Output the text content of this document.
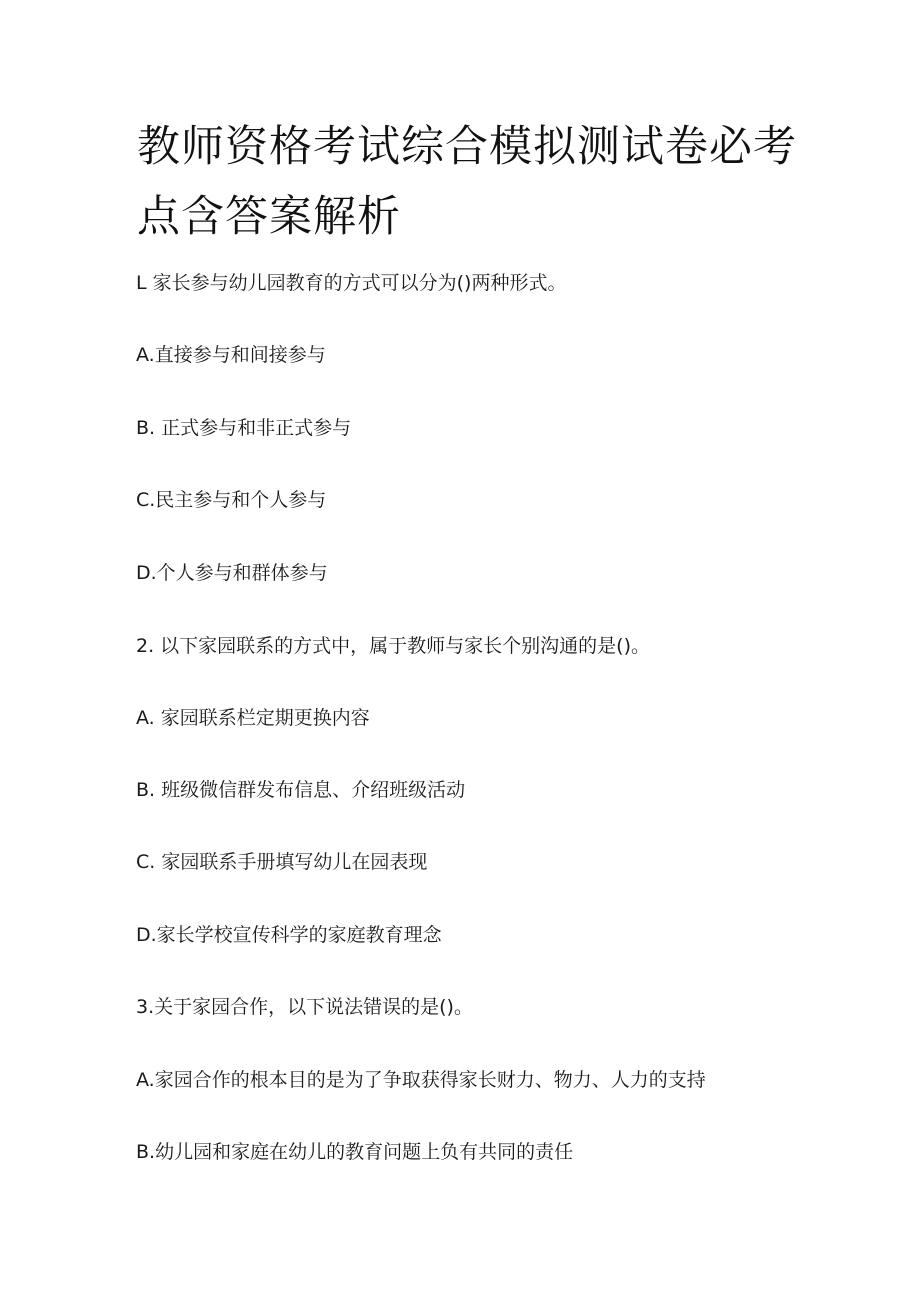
教师资格考试综合模拟测试卷必考点含答案解析

L 家长参与幼儿园教育的方式可以分为()两种形式。

A.直接参与和间接参与

B. 正式参与和非正式参与

C.民主参与和个人参与

D.个人参与和群体参与

2. 以下家园联系的方式中，属于教师与家长个别沟通的是()。

A. 家园联系栏定期更换内容

B. 班级微信群发布信息、介绍班级活动

C. 家园联系手册填写幼儿在园表现

D.家长学校宣传科学的家庭教育理念

3.关于家园合作，以下说法错误的是()。

A.家园合作的根本目的是为了争取获得家长财力、物力、人力的支持

B.幼儿园和家庭在幼儿的教育问题上负有共同的责任
